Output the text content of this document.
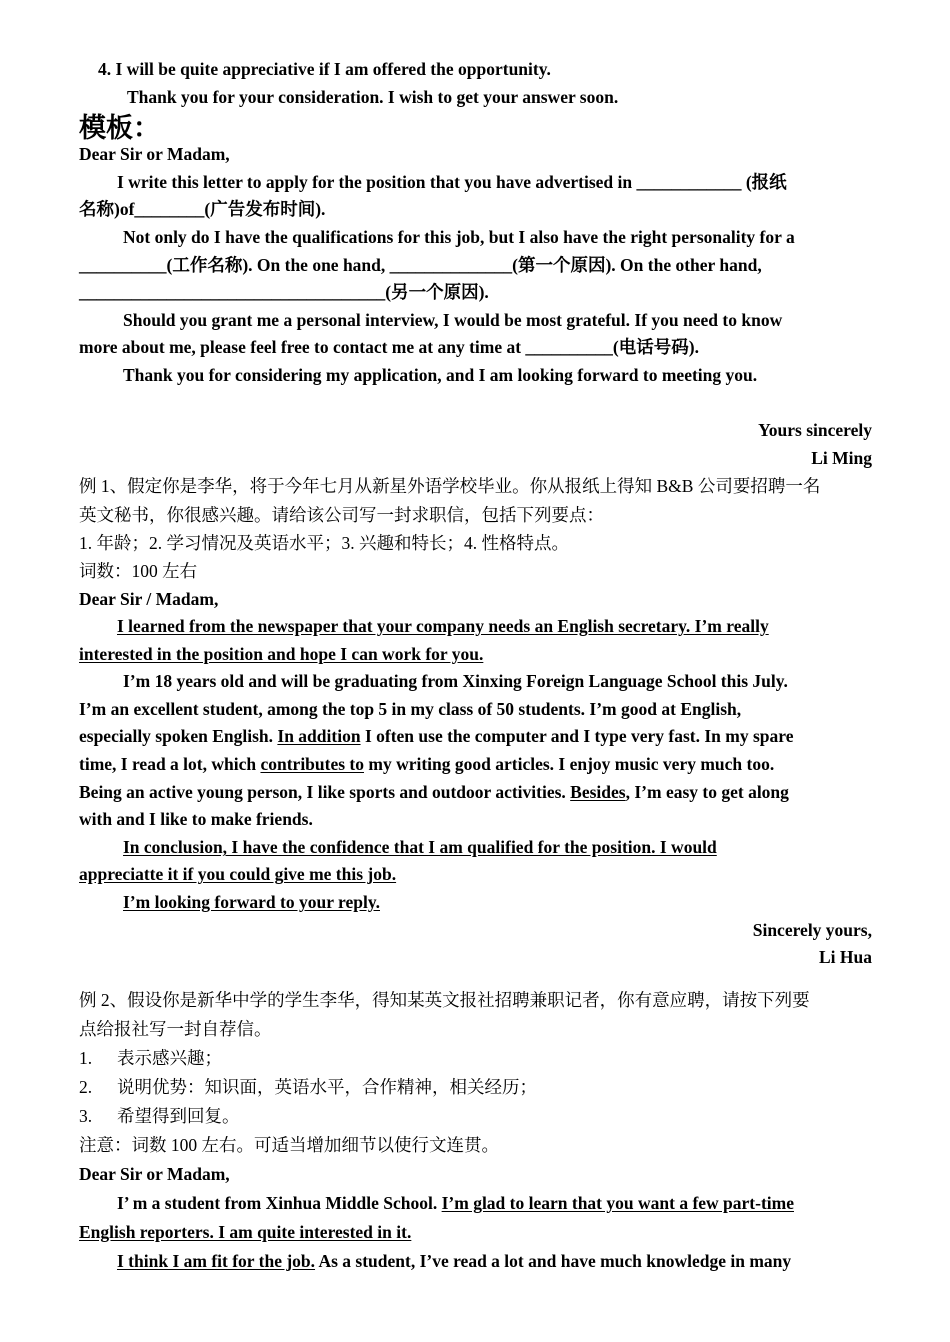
4. I will be quite appreciative if I am offered the opportunity.
Thank you for your consideration. I wish to get your answer soon.
模板：
Dear Sir or Madam,
I write this letter to apply for the position that you have advertised in ____________ (报纸
名称)of________(广告发布时间).
Not only do I have the qualifications for this job, but I also have the right personality for a
__________(工作名称). On the one hand, ______________(第一个原因). On the other hand,
___________________________________(另一个原因).
Should you grant me a personal interview, I would be most grateful. If you need to know
more about me, please feel free to contact me at any time at __________(电话号码).
Thank you for considering my application, and I am looking forward to meeting you.
Yours sincerely
Li Ming
例 1、假定你是李华，将于今年七月从新星外语学校毕业。你从报纸上得知 B&B 公司要招聘一名
英文秘书，你很感兴趣。请给该公司写一封求职信，包括下列要点：
1. 年龄；2. 学习情况及英语水平；3. 兴趣和特长；4. 性格特点。
词数：100 左右
Dear Sir / Madam,
I learned from the newspaper that your company needs an English secretary. I’m really
interested in the position and hope I can work for you.
I’m 18 years old and will be graduating from Xinxing Foreign Language School this July.
I’m an excellent student, among the top 5 in my class of 50 students. I’m good at English,
especially spoken English. In addition I often use the computer and I type very fast. In my spare
time, I read a lot, which contributes to my writing good articles. I enjoy music very much too.
Being an active young person, I like sports and outdoor activities. Besides, I’m easy to get along
with and I like to make friends.
In conclusion, I have the confidence that I am qualified for the position. I would
appreciatte it if you could give me this job.
I’m looking forward to your reply.
Sincerely yours,
Li Hua
例 2、假设你是新华中学的学生李华，得知某英文报社招聘兼职记者，你有意应聘，请按下列要
点给报社写一封自荐信。
1. 表示感兴趣；
2. 说明优势：知识面，英语水平，合作精神，相关经历；
3. 希望得到回复。
注意：词数 100 左右。可适当增加细节以使行文连贯。
Dear Sir or Madam,
I’ m a student from Xinhua Middle School. I’m glad to learn that you want a few part-time
English reporters. I am quite interested in it.
I think I am fit for the job. As a student, I’ve read a lot and have much knowledge in many
